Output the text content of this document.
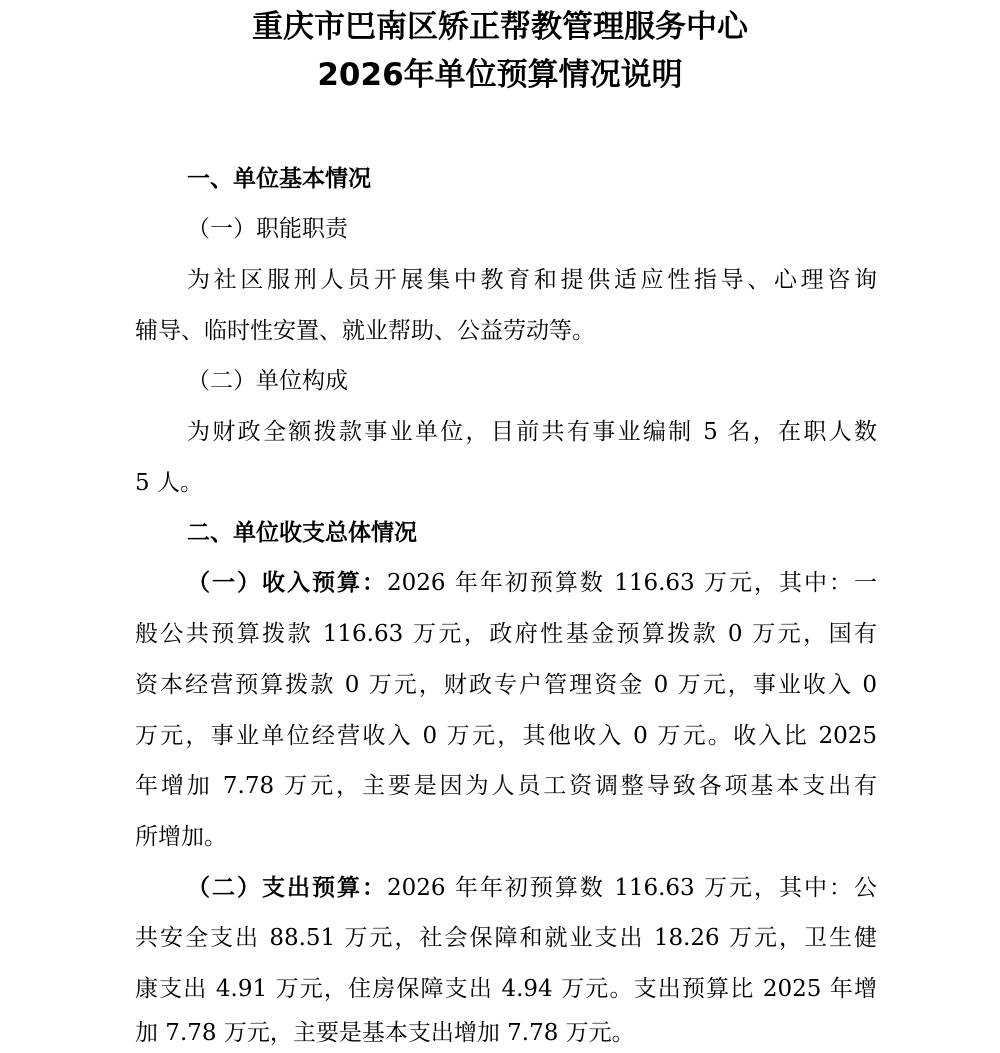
重庆市巴南区矫正帮教管理服务中心
2026年单位预算情况说明
一、单位基本情况
（一）职能职责
为社区服刑人员开展集中教育和提供适应性指导、心理咨询
辅导、临时性安置、就业帮助、公益劳动等。
（二）单位构成
为财政全额拨款事业单位，目前共有事业编制 5 名，在职人数
5 人。
二、单位收支总体情况
（一）收入预算：2026 年年初预算数 116.63 万元，其中：一
般公共预算拨款 116.63 万元，政府性基金预算拨款 0 万元，国有
资本经营预算拨款 0 万元，财政专户管理资金 0 万元，事业收入 0
万元，事业单位经营收入 0 万元，其他收入 0 万元。收入比 2025
年增加 7.78 万元，主要是因为人员工资调整导致各项基本支出有
所增加。
（二）支出预算：2026 年年初预算数 116.63 万元，其中：公
共安全支出 88.51 万元，社会保障和就业支出 18.26 万元，卫生健
康支出 4.91 万元，住房保障支出 4.94 万元。支出预算比 2025 年增
加 7.78 万元，主要是基本支出增加 7.78 万元。
